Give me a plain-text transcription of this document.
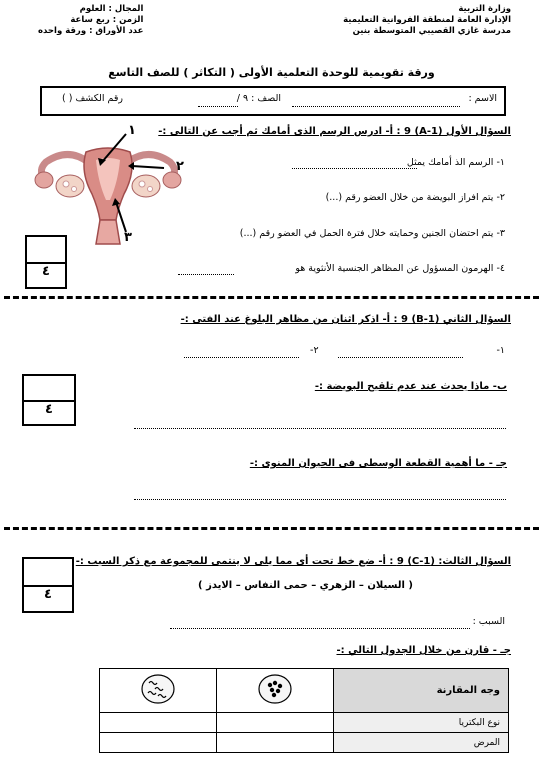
وزارة التربية
الإدارة العامة لمنطقة الفروانية التعليمية
مدرسة غازي القصيبي المتوسطة بنين
المجال : العلوم
الزمن : ربع ساعة
عدد الأوراق : ورقة واحده
ورقة تقويمية للوحدة التعلمية الأولى ( التكاثر ) للصف التاسع
الاسم :
الصف : ٩ /
رقم الكشف ( )
السؤال الأول (1-A) 9 : أ- ادرس الرسم الذى أمامك ثم أجب عن التالى :-
١
٢
٣
١- الرسم الذ أمامك يمثل
٢- يتم افراز البويضة من خلال العضو رقم (...)
٣- يتم احتضان الجنين وحمايته خلال فترة الحمل في العضو رقم (...)
٤- الهرمون المسؤول عن المظاهر الجنسية الأنثوية هو
٤
السؤال الثاني (1-B) 9 : أ- اذكر اثنان من مظاهر البلوغ عند الفتى :-
١-
٢-
ب- ماذا يحدث عند عدم تلقيح البويضة :-
٤
جـ - ما أهمية القطعة الوسطى فى الحيوان المنوى :-
السؤال الثالث: (1-C) 9 : أ- ضع خط تحت أى مما يلى لا ينتمى للمجموعة مع ذكر السبب :-
( السيلان – الزهري – حمى النفاس – الايدز )
٤
السبب :
جـ - قارن من خلال الجدول التالي :-
		وجه المقارنة
		نوع البكتريا
		المرض
